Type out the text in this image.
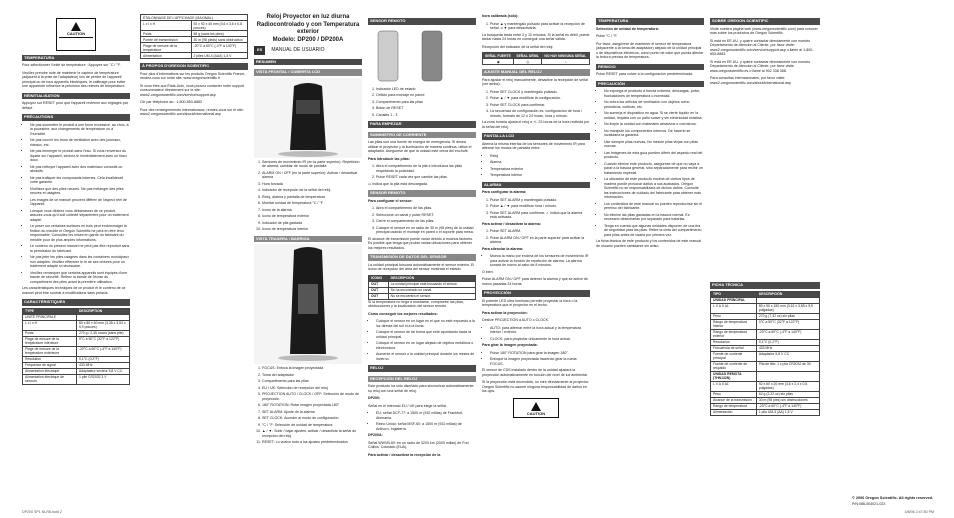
CAUTION
TEMPERATURA

Pour sélectionner l'unité de température : Appuyez sur °C / °F.

Veuillez prendre note de maintenir le capteur de température (adjacent à la prise de l'adaptateur) loin de perdre de l'appareil principal ou de tous appareils électriques, le calibrage pour éviter une apparente influence la précision des relevés de température.

RÉINITIALISATION

Appuyez sur RESET pour que l'appareil revienne aux réglages par défaut.

PRÉCAUTIONS
• Ne pas soumettre le produit à une force excessive, au choc, à la poussière, aux changements de température ou à l'humidité.
• Ne pas couvrir les trous de ventilation avec des journaux, rideaux, etc.
• Ne pas immerger le produit dans l'eau. Si vous renversez du liquide sur l'appareil, séchez-le immédiatement avec un tissu doux.
• Ne pas nettoyer l'appareil avec des matériaux corrosifs ou abrasifs.
• Ne pas trafiquer les composants internes. Cela invaliderait votre garantie.
• N'utilisez que des piles neuves. Ne pas mélanger des piles neuves et usagées.
• Les images de ce manuel peuvent différer de l'aspect réel de l'appareil.
• Lorsque vous désirez vous débarrasser de ce produit, assurez-vous qu'il soit collecté séparément pour un traitement adapté.
• Le poser sur certaines surfaces en bois peut endommager la finition du meuble et Oregon Scientific ne peut en être tenu responsable. Consultez les mises en garde du fabricant du meuble pour de plus amples informations.
• Le contenu du présent manuel ne peut pas être reproduit sans la permission du fabricant.
• Ne pas jeter les piles usagées dans les containers municipaux non adaptés. Veuillez effectuer le tri de ses ordures pour un traitement adapté si nécessaire.
• Veuillez remarquer que certains appareils sont équipés d'une bande de sécurité. Retirez la bande de l'écran du compartiment des piles avant la première utilisation.

Les caractéristiques techniques de ce produit et le contenu de ce manuel peut être soumis à modifications sans préavis.

CARACTÉRISTIQUES
TYPE	DESCRIPTION
UNITÉ PRINCIPALE	
L x l x H	80 x 80 x 60 mm (3,35 x 3,53 x 5,9 pouces)
Poids	270 g / 2,35 onces (sans pile)
Plage de mesure de la température intérieure	0°C à 50°C (32°F à 122°F)
Plage de mesure de la température extérieure	-20°C à 60°C (-4°F à 140°F)
Résolution	0,1°C (0,2°F)
Fréquence de signal	433 MHz
Alimentation électrique	Adaptateur secteur 5,8 V CC
Alimentation électrique de secours	1 pile CR2032 3 V
ÉTALONNAGE DE L'AFFICHAGE (MAXIMAL)	
L x l x H	92 x 92 x 40 mm (3,6 x 3,6 x 0,8 pouces)
Poids	58 g (sans les piles)
Portée de transmission	30 m (98 pieds) sans obstruction
Plage de mesure de la température	-20°C à 60°C (-4°F à 140°F)
Alimentation	2 piles UM-4 (AAA) 1,5 V
À PROPOS D'OREGON SCIENTIFIC

Pour plus d'informations sur les produits Oregon Scientific France, rendez-vous sur notre site: www.oregonscientific.fr

Si vous êtes aux États-Unis, vous pouvez contacter notre support consommateur directement sur le site: www2.oregonscientific.com/service/support.asp

OU par téléphone au : 1-800-853-8883

Pour des renseignements internationaux, rendez-vous sur le site: www2.oregonscientific.com/about/international.asp

Reloj Proyector en luz diurna
Radiocontrolado y con Temperatura exterior
Modelo: DP200 / DP200A
ES	MANUAL DE USUARIO
RESUMEN
VISTA FRONTAL / CUBIERTA LCD
1. Sensores de movimiento IR (en la parte superior): Repetición de alarma; cambiar de modo de pantalla
2. ALARM ON / OFF (en la parte superior): Activar / desactivar alarma
3. Hora forzada
4. Indicador de recepción de la señal del reloj
5. Reloj, alarma y pantalla de temperatura
6. Mostrar unidad de temperatura °C / °F
7. Icono de la alarma
8. Icono de temperatura exterior
9. Indicador de pila gastada
10. Icono de temperatura interior
VISTA TRASERA / BARRIGA
1. FOCUS: Enfoca la imagen proyectada
2. Toma del adaptador
3. Compartimento para las pilas
4. EU / UK: Selección de recepción del reloj
5. PROJECTION AUTO / CLOCK / OFF: Selección de modo de proyección
6. 180° ROTATION: Rotar imagen proyectada 180°
7. SET ALARM: Ajuste de la alarma
8. SET CLOCK: Acceder al modo de configuración
9. °C / °F: Selección de unidad de temperatura
10. ▲ / ▼: Subir / bajar ajustes; activar / desactivar la señal de recepción del reloj
11. RESET: Lo vuelve todo a los ajustes predeterminados
SENSOR REMOTO
1. Indicador LED de estado
2. Orificio para montaje en pared
3. Compartimento para las pilas
4. Botón de RESET
5. Canales 1 - 3
PARA EMPEZAR
SUMINISTRO DE CORRIENTE

Las pilas son una fuente de energía de emergencia. Si desea utilizar el proyector y la iluminación de manera continua, utilice el adaptador. Asegúrese de que la unidad esté cerca del enchufe.

Para introducir las pilas:

1. Abra el compartimento de la pila e introduzca las pilas respetando la polaridad.
2. Pulse RESET cada vez que cambie las pilas.

▭ Indica que la pila está descargada.

SENSOR REMOTO

Para configurar el sensor:

1. Abra el compartimento de las pilas.
2. Seleccione un canal y pulse RESET.
3. Cierre el compartimento de las pilas.
4. Coloque el sensor en un radio de 30 m (98 pies) de la unidad principal usando el montaje en pared o el soporte para mesa.

El alcance de transmisión puede variar debido a muchos factores. Es posible que tenga que probar varias ubicaciones para obtener los mejores resultados.

TRANSMISIÓN DE DATOS DEL SENSOR

La unidad principal buscará automáticamente el sensor exterior. El icono de recepción del área del sensor mostrará el estado:

ICONO	DESCRIPCIÓN
OUT	La unidad principal está buscando el sensor.
OUT	Se ha encontrado un canal.
OUT	No se encuentra el sensor.

Si la temperatura no llega a mostrarse, compruebe las pilas, obstrucciones y la localización del sensor remoto.

Cómo conseguir los mejores resultados:

• Coloque el sensor en un lugar en el que no esté expuesto a la luz directa del sol ni a la lluvia.
• Coloque el sensor de tal forma que esté apuntando hacia la unidad principal.
• Coloque el sensor en un lugar alejado de objetos metálicos o electrónicos.
• Aumente el sensor o la unidad principal durante los meses de invierno.
RELOJ
RECEPCIÓN DEL RELOJ

Este producto ha sido diseñado para sincronizar automáticamente su reloj con una señal de reloj.

DP200:

Señal en el intervalo EU / UK para elegir la señal.

• EU: señal DCF-77: a 1500 m (932 millas) de Frankfurt, Alemania.
• Reino Unido: señal MSF-60: a 1500 m (932 millas) de Anthorn, Inglaterra.

DP200A:

Señal WWVB-60: en un radio de 3200 km (2000 millas) de Fort Collins, Colorado (EUA).

Para activar / desactivar la recepción de la

hora calibrada (sólo):

1. Pulse ▲ y manténgalo pulsado para activar la recepción de señal, o ▼ para desactivarla.

La búsqueda tarda entre 2 y 10 minutos. Si la señal es débil, puede tardar hasta 24 horas en conseguir una señal válida.

Recepción del indicador de la señal del reloj:

SEÑAL FUERTE	SEÑAL DÉBIL	NO HAY NINGUNA SEÑAL
◉	◎	○
AJUSTE MANUAL DEL RELOJ

Para ajustar el reloj manualmente, desactive la recepción de señal (ver arriba).

1. Pulse SET CLOCK y manténgalo pulsado.
2. Pulse ▲ / ▼ para modificar la configuración.
3. Pulse SET CLOCK para confirmar.
4. La secuencia de configuración es: configuración de hora / minuto, formato de 12 ó 24 horas, hora y minuto.

La zona horaria ajusta el reloj a +/- 23 horas de la hora recibida por la señal del reloj.

PANTALLA LCD

Alterna la misma interfaz de los sensores de movimiento IR para alternar los modos de pantalla entre:

• Reloj
• Alarma
• Temperatura exterior
• Temperatura interior
ALARMA

Para configurar la alarma:

1. Pulse SET ALARM y manténgalo pulsado.
2. Pulse ▲ / ▼ para modificar hora / minuto.
3. Pulse SET ALARM para confirmar. ✓ indica que la alarma está activada.

Para activar / desactivar la alarma:

1. Pulse SET ALARM.
2. Pulse ALARM ON / OFF en la parte superior para activar la alarma.

Para silenciar la alarma:

• Mueva la mano por encima de los sensores de movimiento IR para activar la función de repetición de alarma. La alarma sonará de nuevo al cabo de 8 minutos.

O bien:

Pulse ALARM ON / OFF para detener la alarma y que se active de nuevo pasadas 24 horas.

PROYECCIÓN

El potente LED ultra luminoso permite proyectar la hora o la temperatura que el proyector en el techo.

Para activar la proyección:

Deslice PROJECTION a AUTO o CLOCK.

• AUTO: para alternar entre la hora actual y la temperatura interior / exterior.
• CLOCK: para proyectar únicamente la hora actual.

Para girar la imagen proyectada:

• Pulse 180° ROTATION para girar la imagen 180°.
• Enfoque la imagen proyectada haciendo girar la rueda FOCUS.

El sensor de CDS instalado dentro de la unidad ajustará la proyección automáticamente en función del nivel de luz ambiental.

Si la proyección está encendida, no mire directamente al proyector. Oregon Scientific no asume ninguna responsabilidad de daños en los ojos.

CAUTION
TEMPERATURA

Selección de unidad de temperatura:

Pulse °C / °F.

Por favor, asegúrese de mantener el sensor de temperatura (adyacente a la toma del adaptador) alejado de la unidad principal o de dispositivos eléctricos, como punto de calor que pueda afectar la lectura precisa de temperatura.

REINICIO

Pulse RESET para volver a la configuración predeterminada.

PRECAUCIÓN
• No exponga el producto a fuerza extrema, descargas, polvo, fluctuaciones de temperatura o humedad.
• No cubra los orificios de ventilación con objetos como periódicos, cortinas, etc.
• No sumerja el dispositivo en agua. Si se vierte líquido en la unidad, límpiela con un paño suave y sin electricidad estática.
• No limpie la unidad con materiales abrasivos o corrosivos.
• No manipule los componentes internos. De hacerlo se invalidaría la garantía.
• Use siempre pilas nuevas. No mezcle pilas viejas con pilas nuevas.
• Las imágenes de esta guía pueden diferir del aspecto real del producto.
• Cuando elimine este producto, asegúrese de que no vaya a parar a la basura general, sino separadamente para recibir un tratamiento especial.
• La ubicación de este producto encima de ciertos tipos de madera puede provocar daños a sus acabados. Oregon Scientific no se responsabilizará de dichos daños. Consulte las instrucciones de cuidado del fabricante para obtener más información.
• Los contenidos de este manual no pueden reproducirse sin el permiso del fabricante.
• No elimine las pilas gastadas en la basura normal. Es necesario desecharlas por separado para tratarlas.
• Tenga en cuenta que algunas unidades disponen de una tira de seguridad para las pilas. Retire la cinta del compartimento para pilas antes de usarla por primera vez.

La ficha técnica de este producto y los contenidos de este manual de usuario pueden cambiarse sin aviso.

SOBRE OREGON SCIENTIFIC

Visite nuestra página web (www.oregonscientific.com) para conocer más sobre los productos de Oregon Scientific.

Si está en EE.UU. y quiere contactar directamente con nuestro Departamento de Atención al Cliente, por favor visite: www2.oregonscientific.com/service/support.asp o llame al 1-800-853-8883.

Si está en EE.UU. y quiere contactar directamente con nuestro Departamento de Atención al Cliente, por favor visite www.oregonscientific.es o llame al 902 338 368.

Para consultas internacionales, por favor visite: www2.oregonscientific.com/about/international.asp

FICHA TÉCNICA
TIPO	DESCRIPCIÓN
UNIDAD PRINCIPAL	
L X A X AL	80 x 90 x 150 mm (3,15 x 3,55 x 5,9 pulgadas)
Peso	270 g (7,32 oz) sin pilas
Rango de temperatura interior	0°C a 50°C (32°F a 122°F)
Rango de temperatura exterior	-20°C a 60°C (-4°F a 140°F)
Resolución	0,1°C (0,2°F)
Frecuencia de señal	433 MHz
Fuente de corriente principal	Adaptador 5,8 V CC
Fuente de corriente de respaldo	Pila de litio: 1 x pila CR2032 de 3V
UNIDAD REMOTA (THN132N)	
L X A X AL	92 x 60 x 20 mm (3,6 x 2,4 x 0,8 pulgadas)
Peso	62 g (2,22 oz) sin pilas
Alcance de la transmisión	30 m (98 pies) sin obstrucciones
Rango de temperatura	-20°C a 60°C (-4°F a 140°F)
Alimentación	1 pila UM-3 (AA) 1,5 V
© 2006 Oregon Scientific. All rights reserved.
P/N:086-004021-023
DP200 SP1 NLR8.indd 2	4/8/06 2:47:50 PM
